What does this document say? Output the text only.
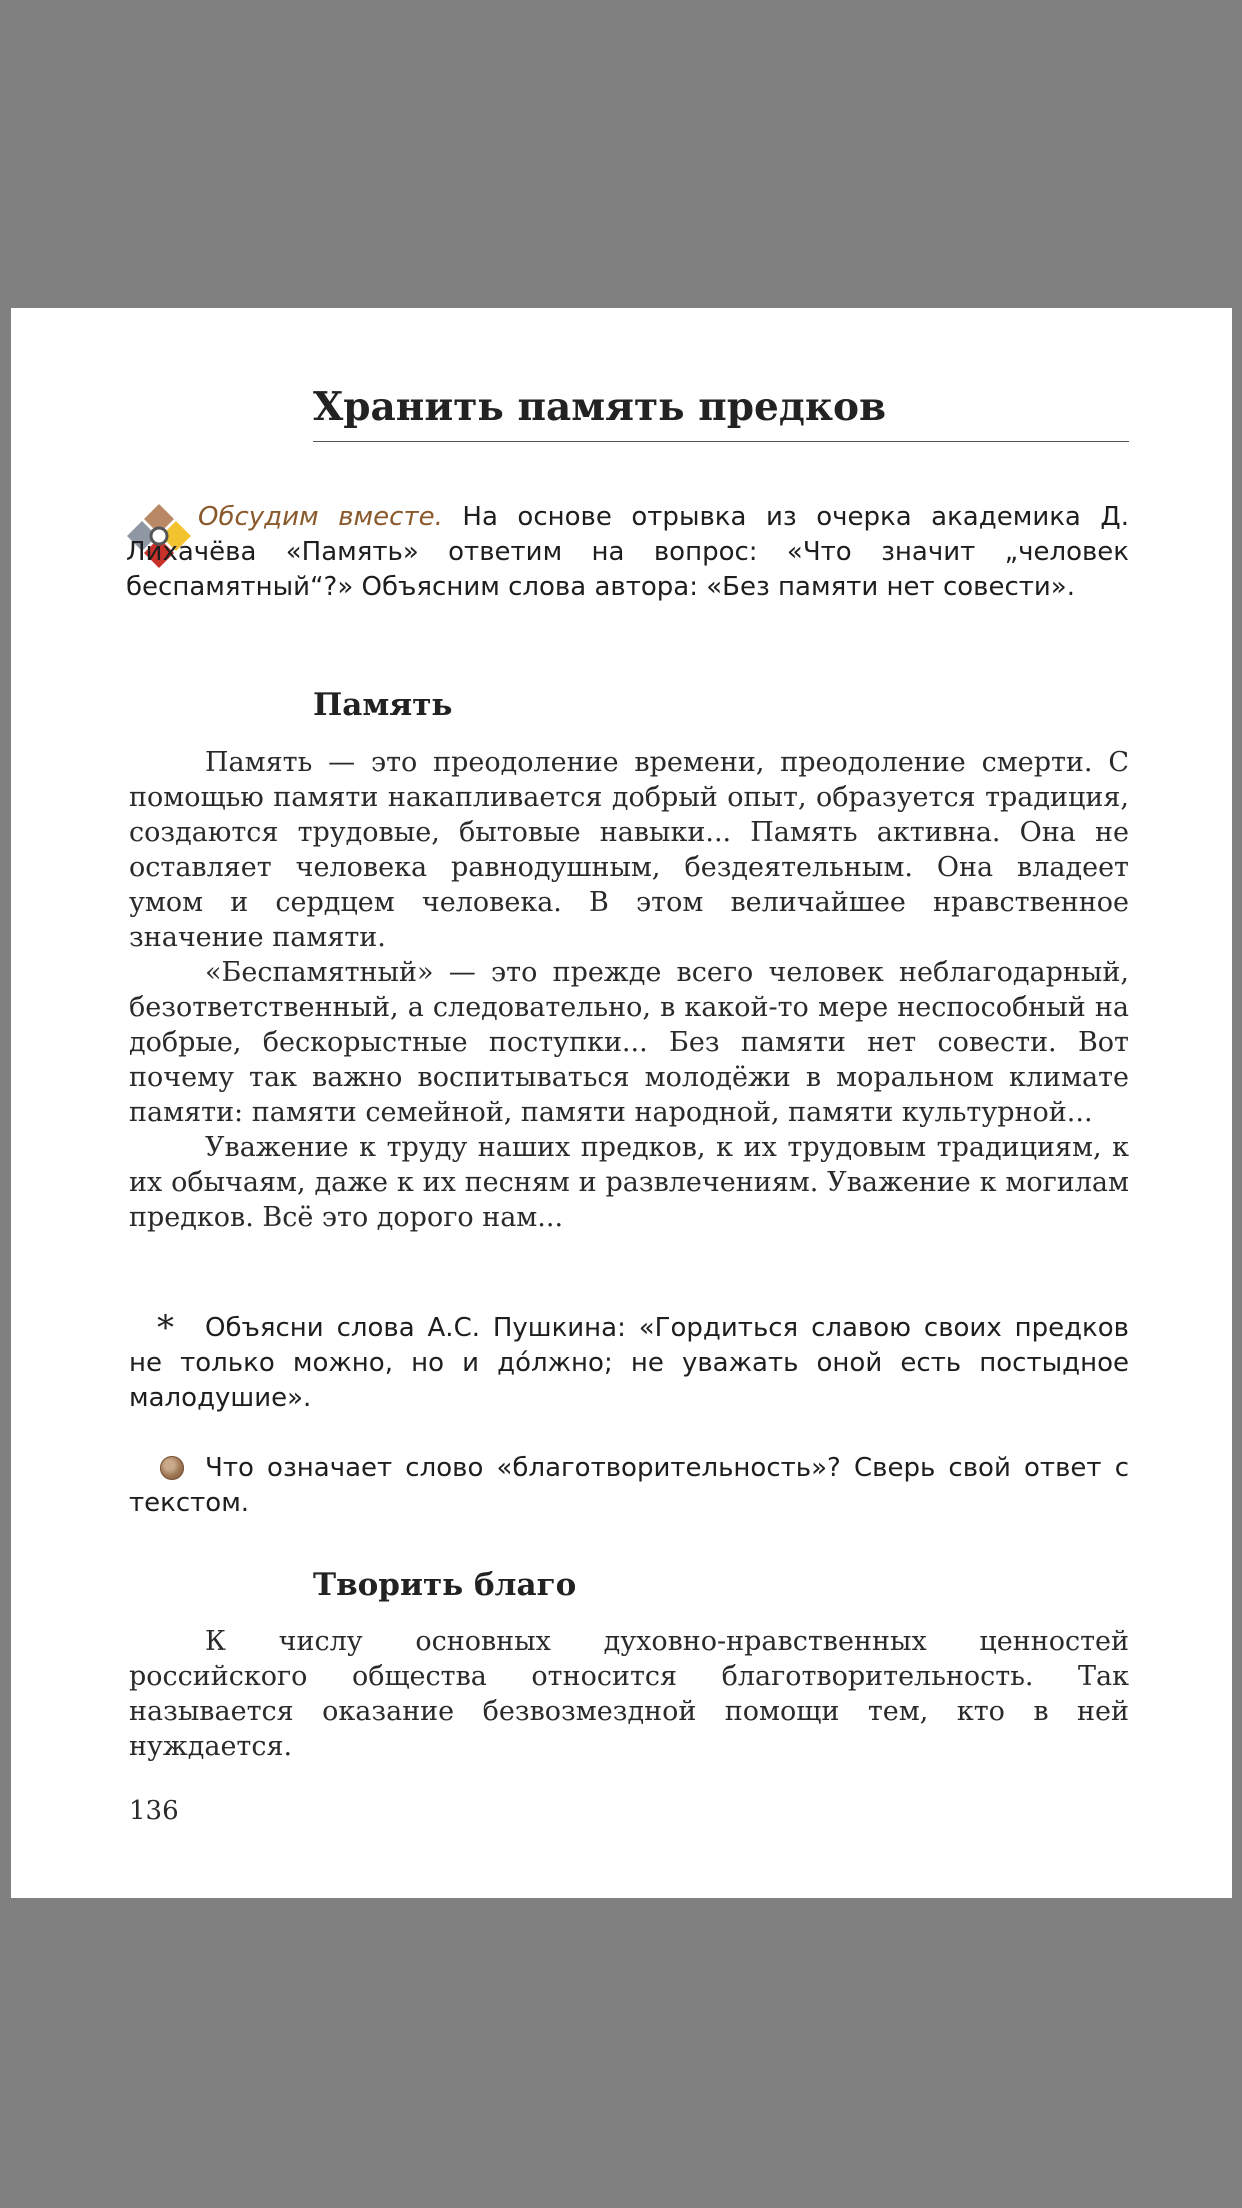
Хранить память предков
Обсудим вместе. На основе отрывка из очерка академика Д. Лихачёва «Память» ответим на вопрос: «Что значит „человек беспамятный“?» Объясним слова автора: «Без памяти нет совести».
Память

Память — это преодоление времени, преодоление смерти. С помощью памяти накапливается добрый опыт, образуется традиция, создаются трудовые, бытовые навыки... Память активна. Она не оставляет человека равнодушным, бездеятельным. Она владеет умом и сердцем человека. В этом величайшее нравственное значение памяти.

«Беспамятный» — это прежде всего человек неблагодарный, безответственный, а следовательно, в какой-то мере неспособный на добрые, бескорыстные поступки... Без памяти нет совести. Вот почему так важно воспитываться молодёжи в моральном климате памяти: памяти семейной, памяти народной, памяти культурной...

Уважение к труду наших предков, к их трудовым традициям, к их обычаям, даже к их песням и развлечениям. Уважение к могилам предков. Всё это дорого нам...

*	Объясни слова А.С. Пушкина: «Гордиться славою своих предков не только можно, но и до́лжно; не уважать оной есть постыдное малодушие».
Что означает слово «благотворительность»? Сверь свой ответ с текстом.
Творить благо

К числу основных духовно-нравственных ценностей российского общества относится благотворительность. Так называется оказание безвозмездной помощи тем, кто в ней нуждается.

136
